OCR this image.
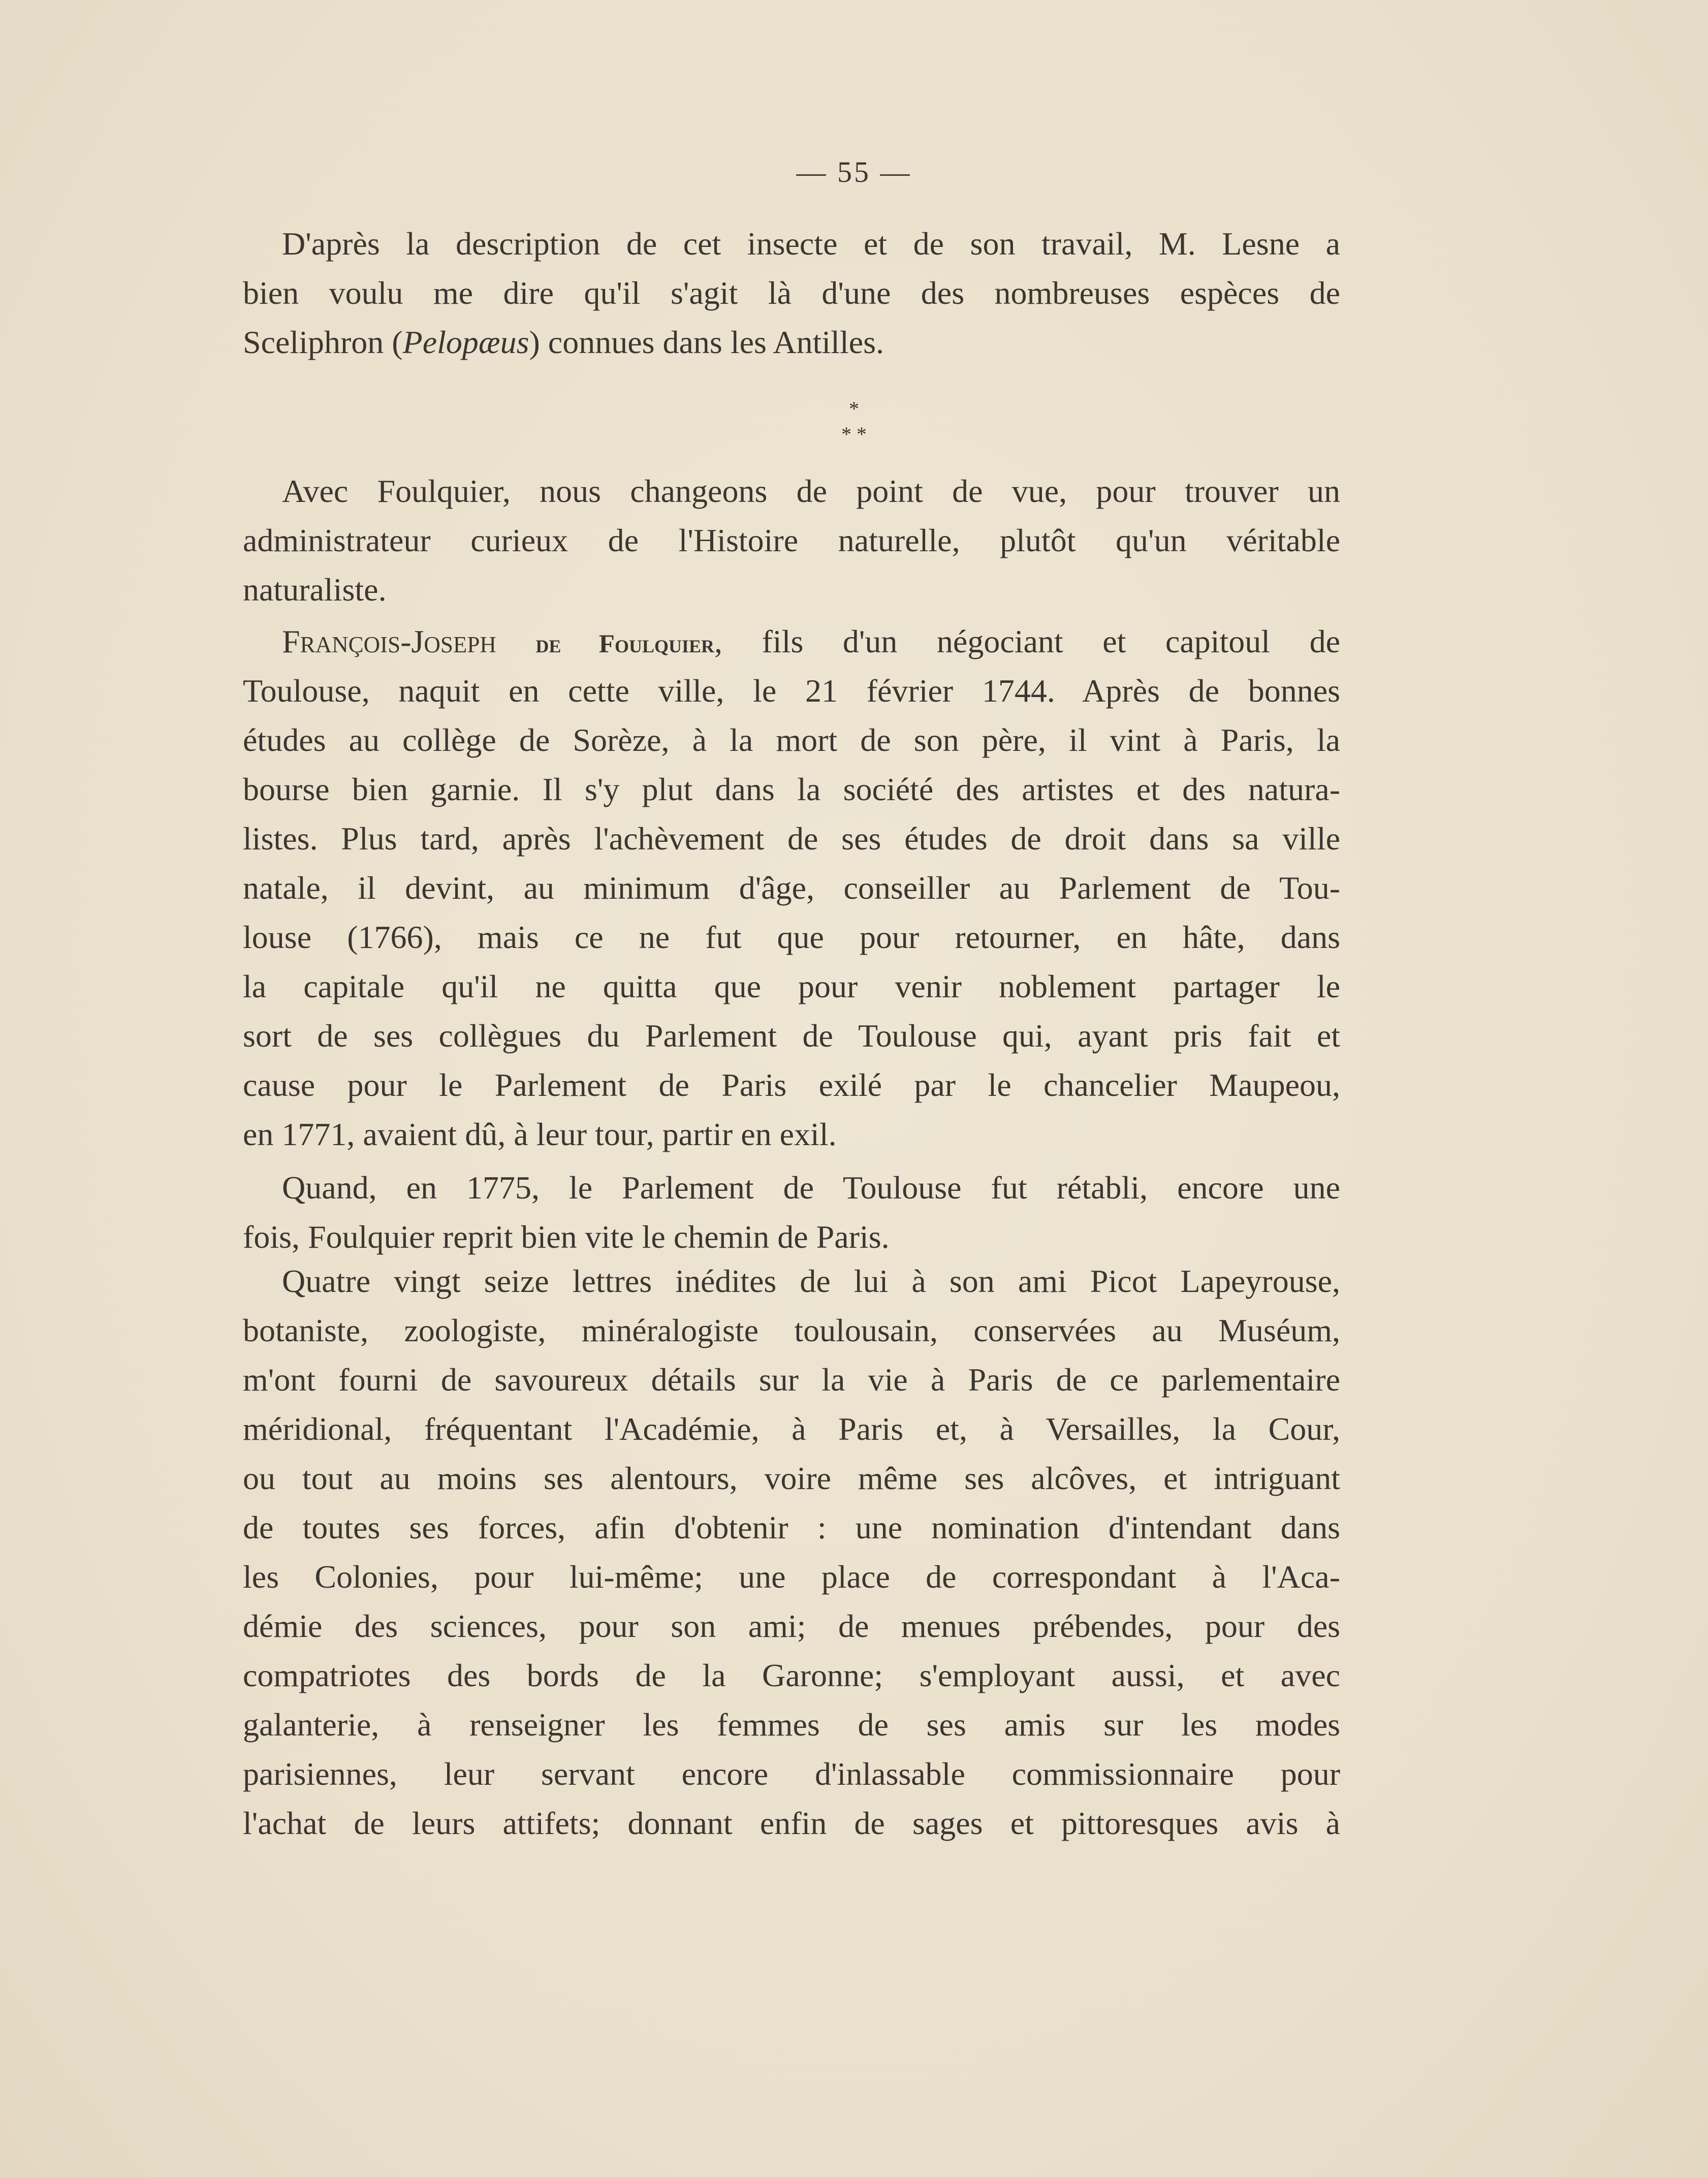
— 55 —
*
* *
D'après la description de cet insecte et de son travail, M. Lesne a
bien voulu me dire qu'il s'agit là d'une des nombreuses espèces de
Sceliphron (Pelopæus) connues dans les Antilles.
Avec Foulquier, nous changeons de point de vue, pour trouver un
administrateur curieux de l'Histoire naturelle, plutôt qu'un véritable
naturaliste.
François-Joseph de Foulquier, fils d'un négociant et capitoul de
Toulouse, naquit en cette ville, le 21 février 1744. Après de bonnes
études au collège de Sorèze, à la mort de son père, il vint à Paris, la
bourse bien garnie. Il s'y plut dans la société des artistes et des natura-
listes. Plus tard, après l'achèvement de ses études de droit dans sa ville
natale, il devint, au minimum d'âge, conseiller au Parlement de Tou-
louse (1766), mais ce ne fut que pour retourner, en hâte, dans
la capitale qu'il ne quitta que pour venir noblement partager le
sort de ses collègues du Parlement de Toulouse qui, ayant pris fait et
cause pour le Parlement de Paris exilé par le chancelier Maupeou,
en 1771, avaient dû, à leur tour, partir en exil.
Quand, en 1775, le Parlement de Toulouse fut rétabli, encore une
fois, Foulquier reprit bien vite le chemin de Paris.
Quatre vingt seize lettres inédites de lui à son ami Picot Lapeyrouse,
botaniste, zoologiste, minéralogiste toulousain, conservées au Muséum,
m'ont fourni de savoureux détails sur la vie à Paris de ce parlementaire
méridional, fréquentant l'Académie, à Paris et, à Versailles, la Cour,
ou tout au moins ses alentours, voire même ses alcôves, et intriguant
de toutes ses forces, afin d'obtenir : une nomination d'intendant dans
les Colonies, pour lui-même; une place de correspondant à l'Aca-
démie des sciences, pour son ami; de menues prébendes, pour des
compatriotes des bords de la Garonne; s'employant aussi, et avec
galanterie, à renseigner les femmes de ses amis sur les modes
parisiennes, leur servant encore d'inlassable commissionnaire pour
l'achat de leurs attifets; donnant enfin de sages et pittoresques avis à
